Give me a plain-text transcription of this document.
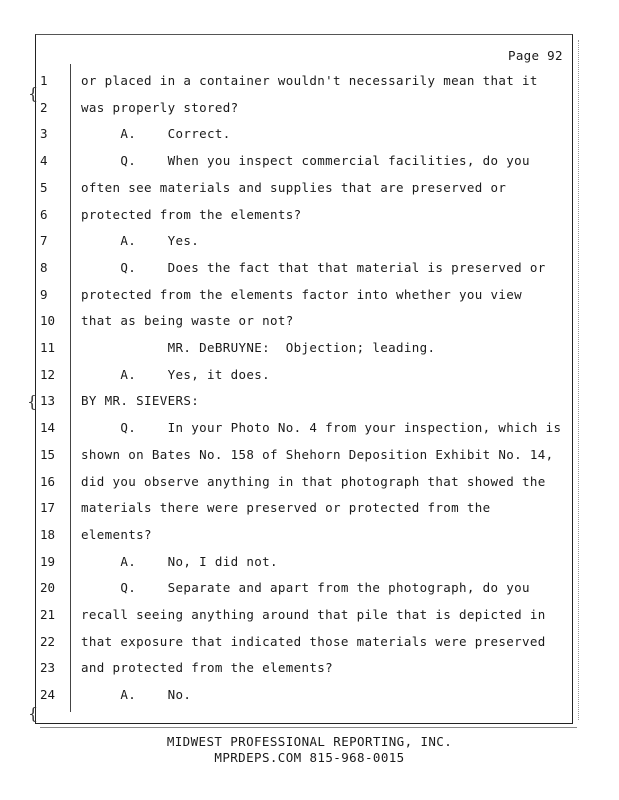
{
{
{
Page 92
1	or placed in a container wouldn't necessarily mean that it
2	was properly stored?
3	A.    Correct.
4	Q.    When you inspect commercial facilities, do you
5	often see materials and supplies that are preserved or
6	protected from the elements?
7	A.    Yes.
8	Q.    Does the fact that that material is preserved or
9	protected from the elements factor into whether you view
10	that as being waste or not?
11	MR. DeBRUYNE:  Objection; leading.
12	A.    Yes, it does.
13	BY MR. SIEVERS:
14	Q.    In your Photo No. 4 from your inspection, which is
15	shown on Bates No. 158 of Shehorn Deposition Exhibit No. 14,
16	did you observe anything in that photograph that showed the
17	materials there were preserved or protected from the
18	elements?
19	A.    No, I did not.
20	Q.    Separate and apart from the photograph, do you
21	recall seeing anything around that pile that is depicted in
22	that exposure that indicated those materials were preserved
23	and protected from the elements?
24	A.    No.
MIDWEST PROFESSIONAL REPORTING, INC.
MPRDEPS.COM 815-968-0015
